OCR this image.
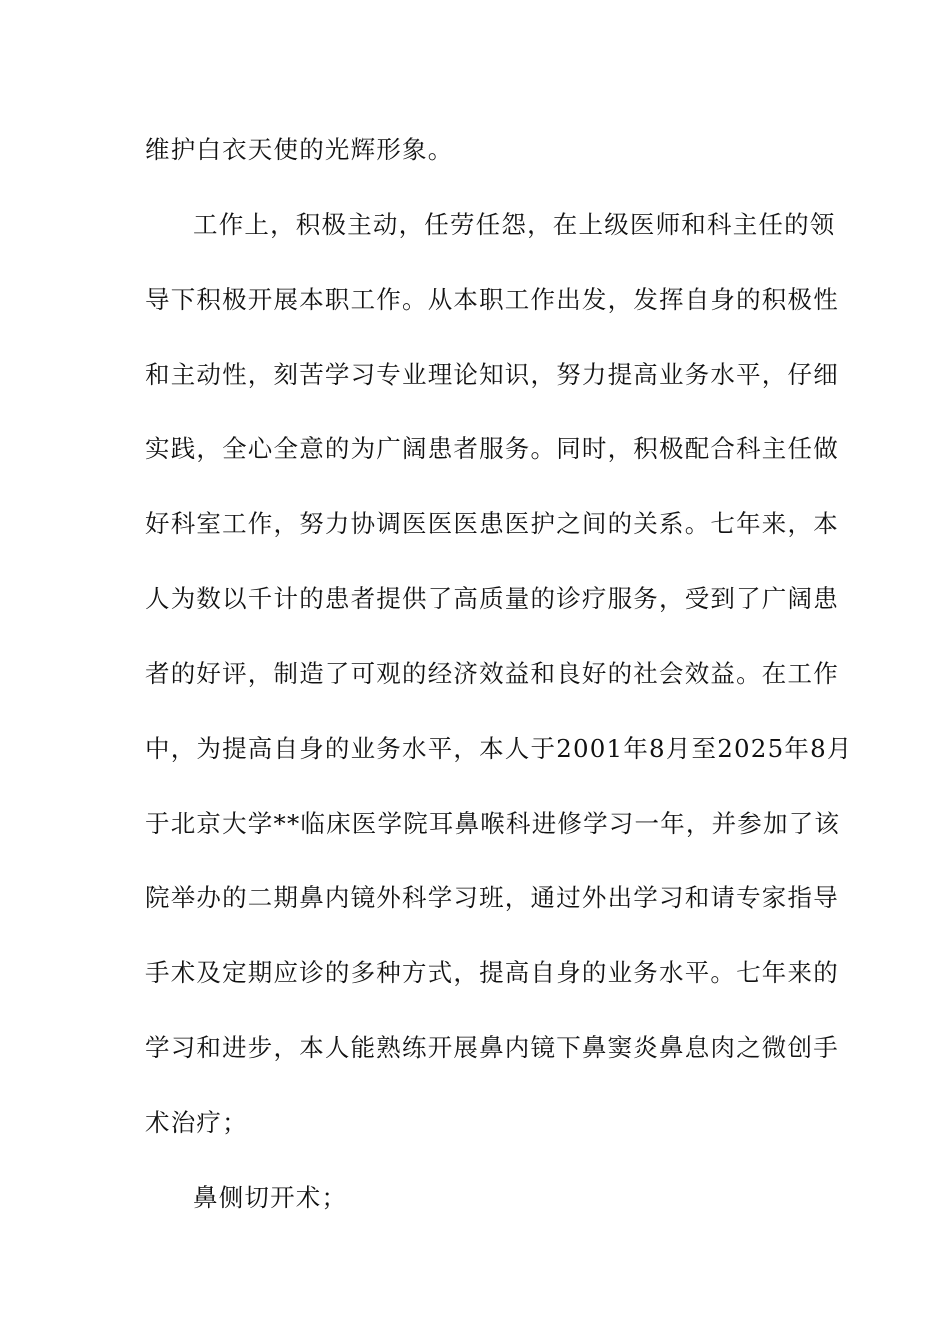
维护白衣天使的光辉形象。
工作上，积极主动，任劳任怨，在上级医师和科主任的领
导下积极开展本职工作。从本职工作出发，发挥自身的积极性
和主动性，刻苦学习专业理论知识，努力提高业务水平，仔细
实践，全心全意的为广阔患者服务。同时，积极配合科主任做
好科室工作，努力协调医医医患医护之间的关系。七年来，本
人为数以千计的患者提供了高质量的诊疗服务，受到了广阔患
者的好评，制造了可观的经济效益和良好的社会效益。在工作
中，为提高自身的业务水平，本人于2001年8月至2025年8月
于北京大学**临床医学院耳鼻喉科进修学习一年，并参加了该
院举办的二期鼻内镜外科学习班，通过外出学习和请专家指导
手术及定期应诊的多种方式，提高自身的业务水平。七年来的
学习和进步，本人能熟练开展鼻内镜下鼻窦炎鼻息肉之微创手
术治疗；
鼻侧切开术；
